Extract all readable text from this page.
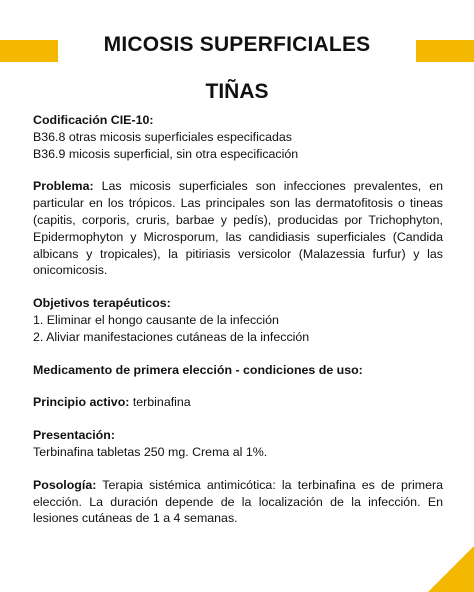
MICOSIS SUPERFICIALES
TIÑAS
Codificación CIE-10:
B36.8 otras micosis superficiales especificadas
B36.9 micosis superficial, sin otra especificación
Problema: Las micosis superficiales son infecciones prevalentes, en particular en los trópicos. Las principales son las dermatofitosis o tineas (capitis, corporis, cruris, barbae y pedís), producidas por Trichophyton, Epidermophyton y Microsporum, las candidiasis superficiales (Candida albicans y tropicales), la pitiriasis versicolor (Malazessia furfur) y las onicomicosis.
Objetivos terapéuticos:
1. Eliminar el hongo causante de la infección
2. Aliviar manifestaciones cutáneas de la infección
Medicamento de primera elección - condiciones de uso:
Principio activo: terbinafina
Presentación:
Terbinafina tabletas 250 mg. Crema al 1%.
Posología: Terapia sistémica antimicótica: la terbinafina es de primera elección. La duración depende de la localización de la infección. En lesiones cutáneas de 1 a 4 semanas.
